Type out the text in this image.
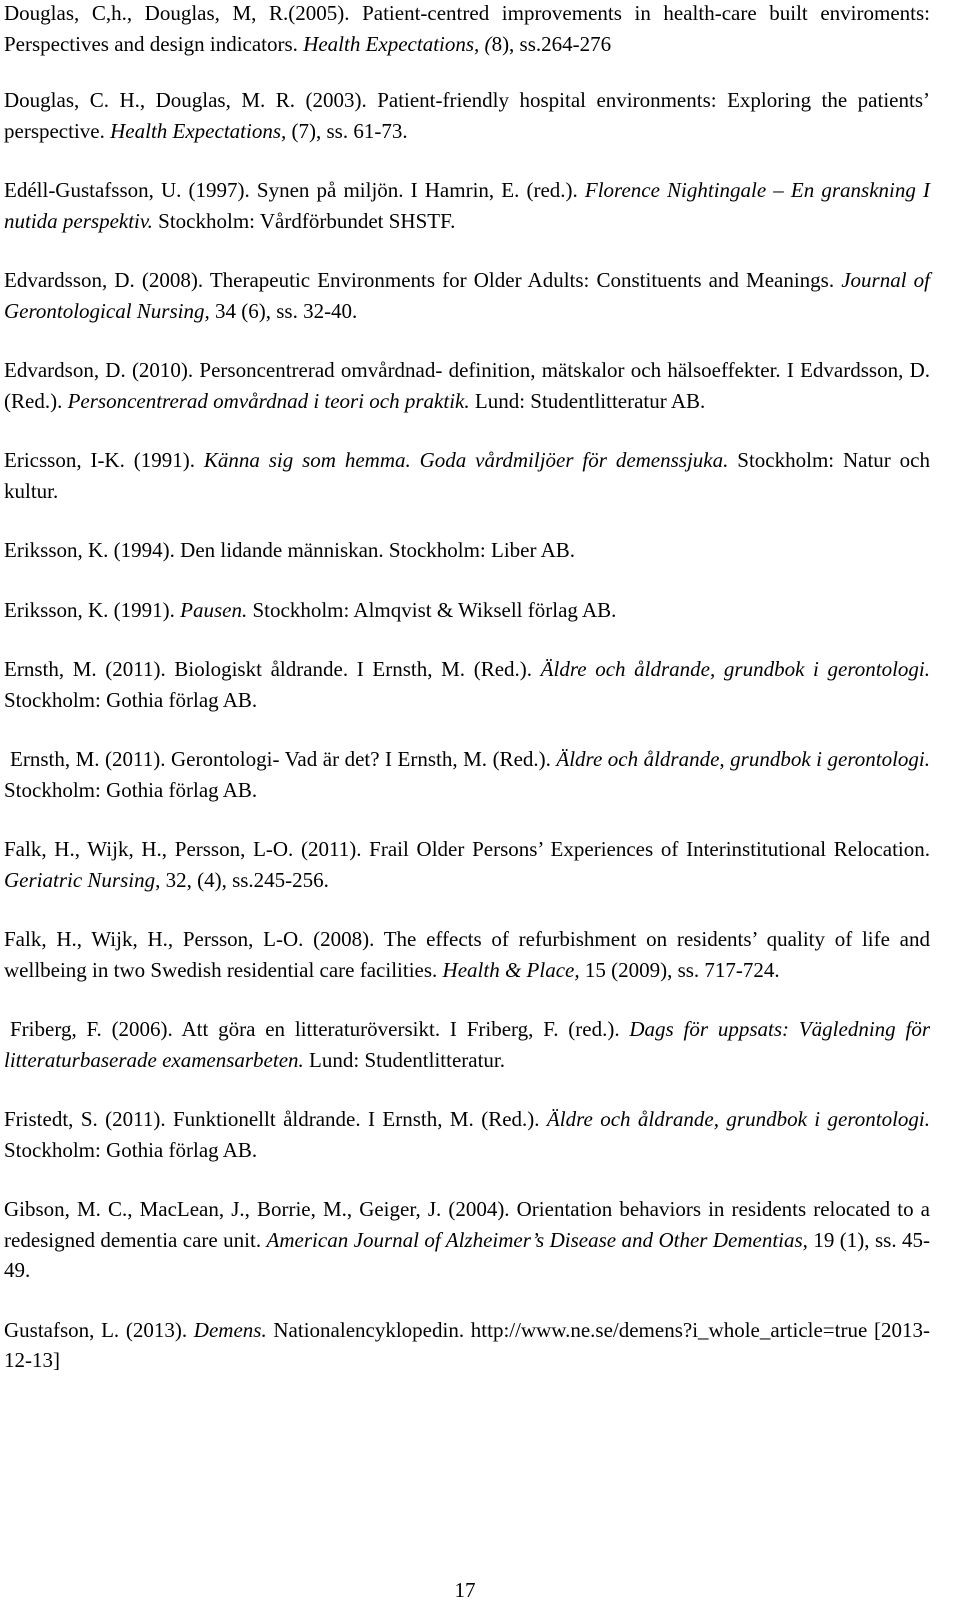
Douglas, C,h., Douglas, M, R.(2005). Patient-centred improvements in health-care built enviroments: Perspectives and design indicators. Health Expectations, (8), ss.264-276

Douglas, C. H., Douglas, M. R. (2003). Patient-friendly hospital environments: Exploring the patients’ perspective. Health Expectations, (7), ss. 61-73.

Edéll-Gustafsson, U. (1997). Synen på miljön. I Hamrin, E. (red.). Florence Nightingale – En granskning I nutida perspektiv. Stockholm: Vårdförbundet SHSTF.

Edvardsson, D. (2008). Therapeutic Environments for Older Adults: Constituents and Meanings. Journal of Gerontological Nursing, 34 (6), ss. 32-40.

Edvardson, D. (2010). Personcentrerad omvårdnad- definition, mätskalor och hälsoeffekter. I Edvardsson, D. (Red.). Personcentrerad omvårdnad i teori och praktik. Lund: Studentlitteratur AB.

Ericsson, I-K. (1991). Känna sig som hemma. Goda vårdmiljöer för demenssjuka. Stockholm: Natur och kultur.

Eriksson, K. (1994). Den lidande människan. Stockholm: Liber AB.

Eriksson, K. (1991). Pausen. Stockholm: Almqvist & Wiksell förlag AB.

Ernsth, M. (2011). Biologiskt åldrande. I Ernsth, M. (Red.). Äldre och åldrande, grundbok i gerontologi. Stockholm: Gothia förlag AB.

Ernsth, M. (2011). Gerontologi- Vad är det? I Ernsth, M. (Red.). Äldre och åldrande, grundbok i gerontologi. Stockholm: Gothia förlag AB.

Falk, H., Wijk, H., Persson, L-O. (2011). Frail Older Persons’ Experiences of Interinstitutional Relocation. Geriatric Nursing, 32, (4), ss.245-256.

Falk, H., Wijk, H., Persson, L-O. (2008). The effects of refurbishment on residents’ quality of life and wellbeing in two Swedish residential care facilities. Health & Place, 15 (2009), ss. 717-724.

Friberg, F. (2006). Att göra en litteraturöversikt. I Friberg, F. (red.). Dags för uppsats: Vägledning för litteraturbaserade examensarbeten. Lund: Studentlitteratur.

Fristedt, S. (2011). Funktionellt åldrande. I Ernsth, M. (Red.). Äldre och åldrande, grundbok i gerontologi. Stockholm: Gothia förlag AB.

Gibson, M. C., MacLean, J., Borrie, M., Geiger, J. (2004). Orientation behaviors in residents relocated to a redesigned dementia care unit. American Journal of Alzheimer’s Disease and Other Dementias, 19 (1), ss. 45-49.

Gustafson, L. (2013). Demens. Nationalencyklopedin. http://www.ne.se/demens?i_whole_article=true [2013-12-13]

17
